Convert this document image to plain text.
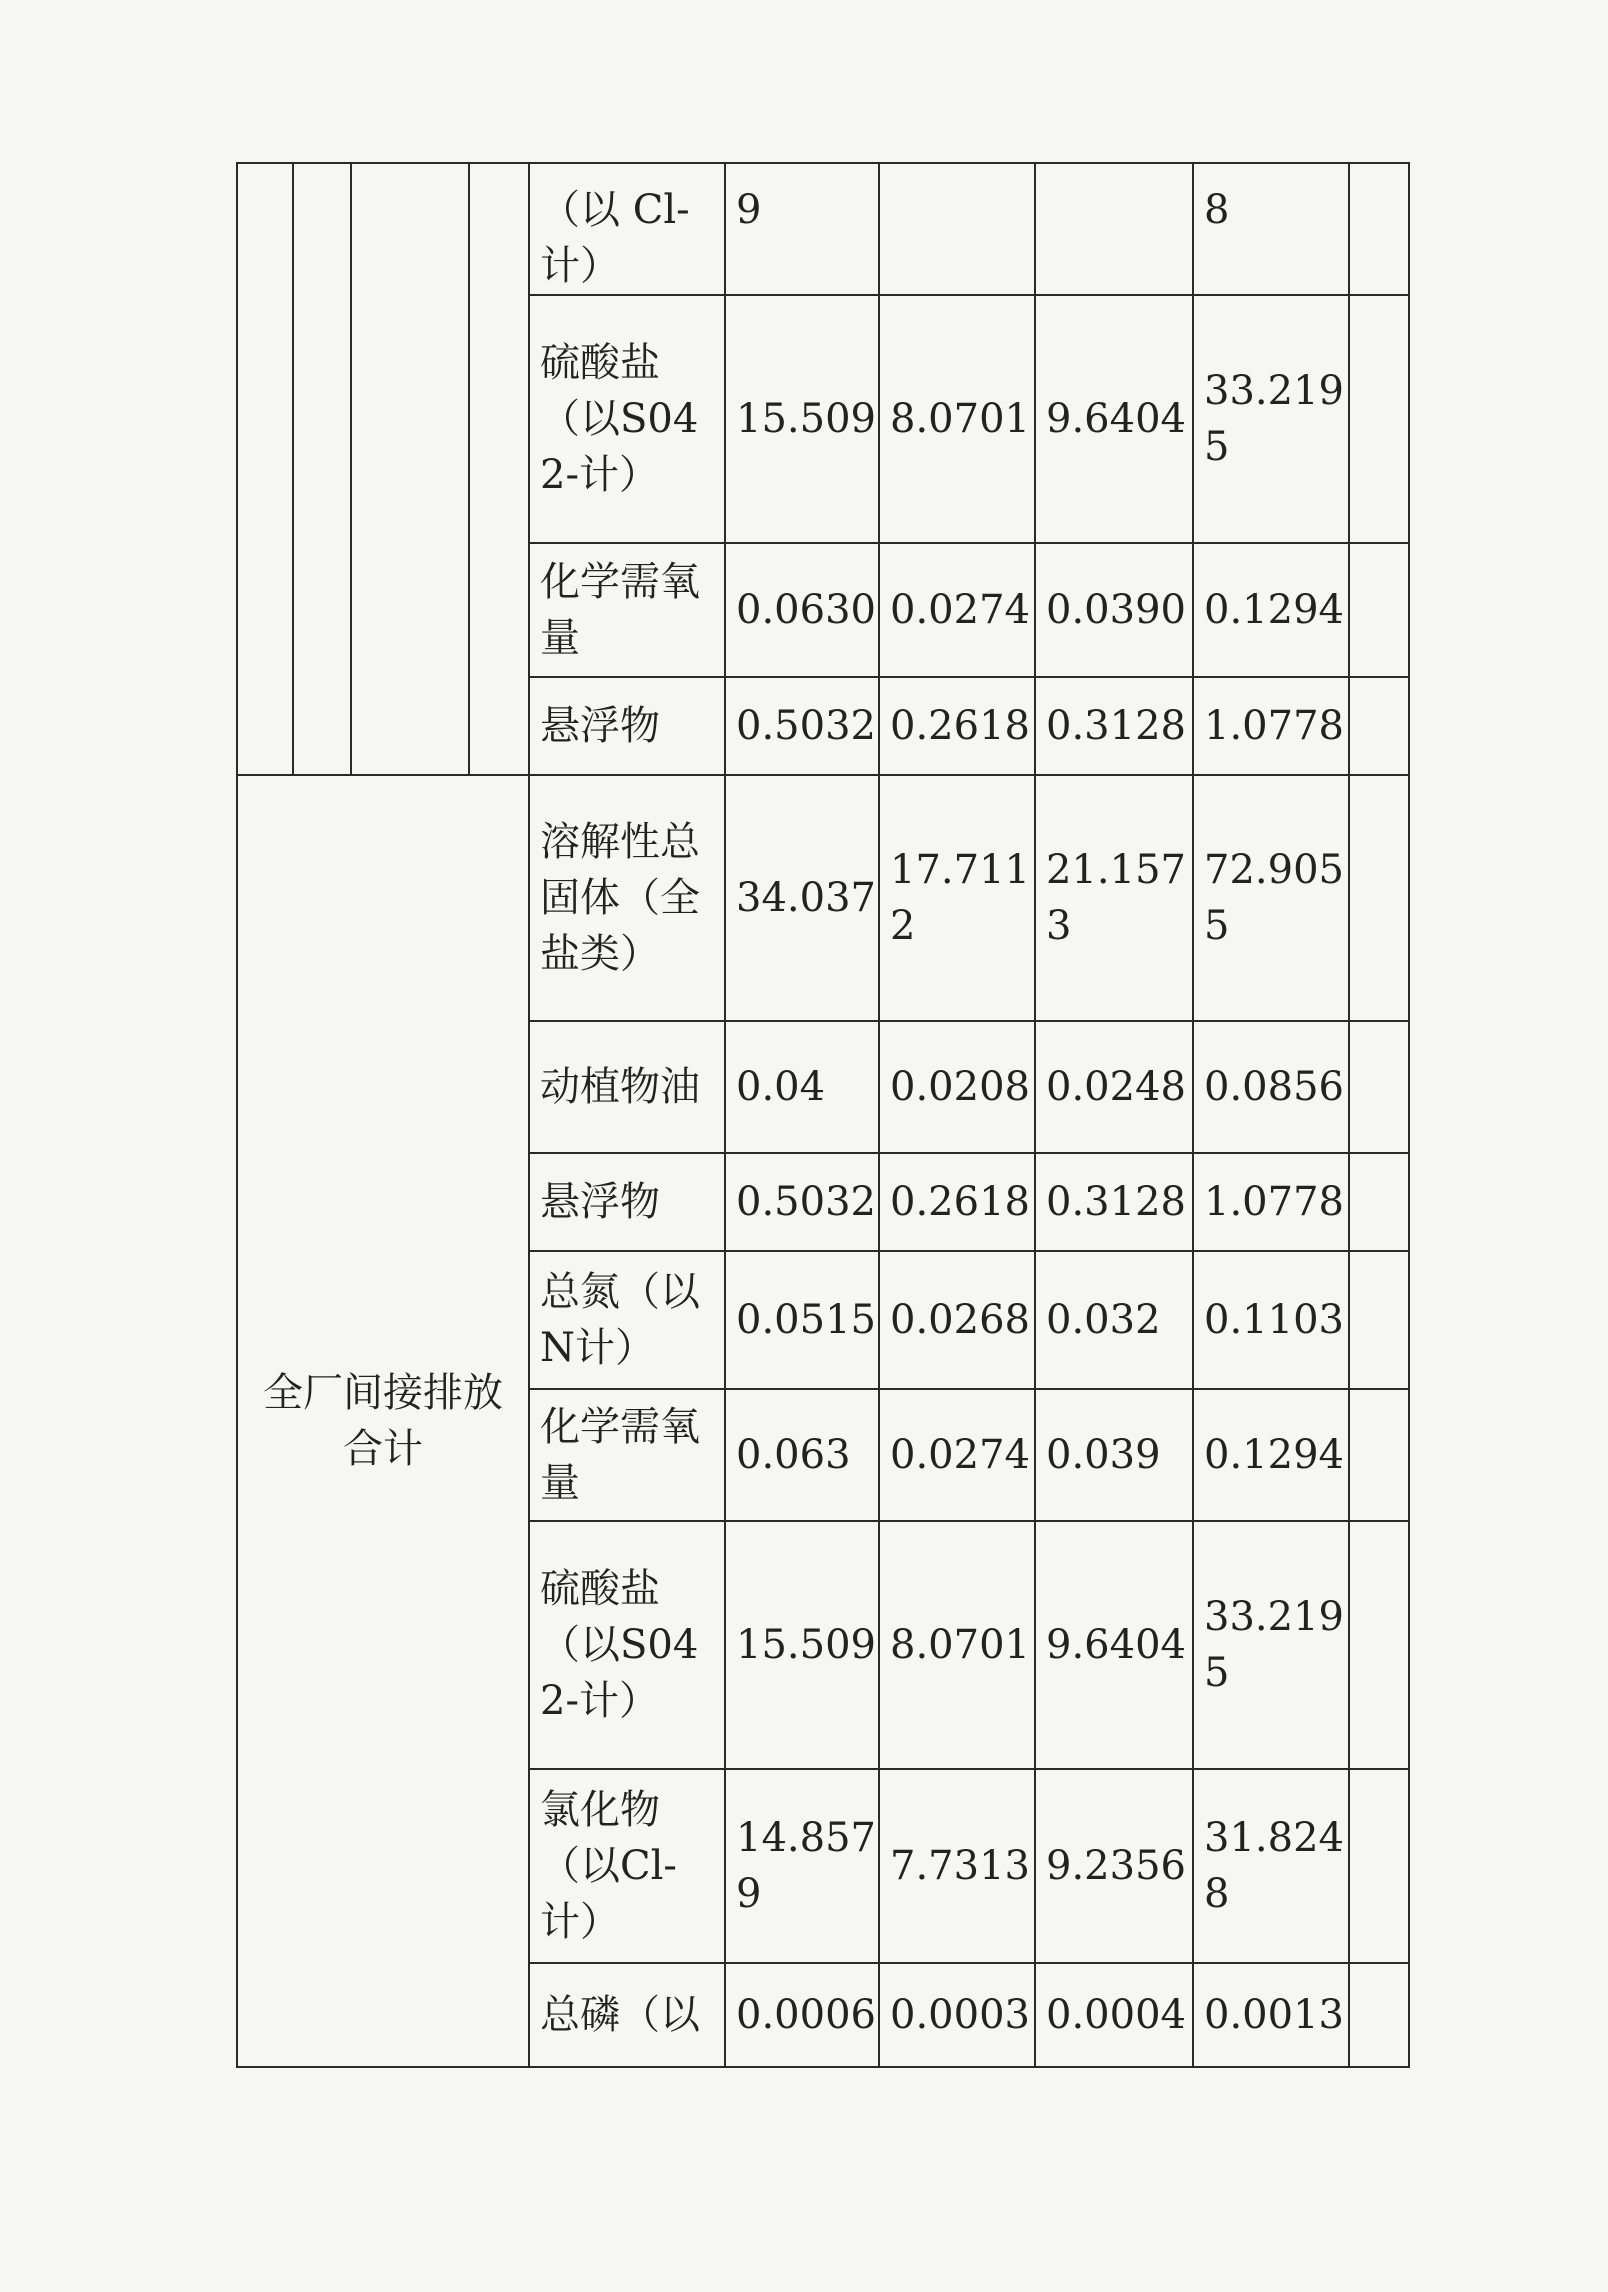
				（以 Cl-计）	9			8	
				硫酸盐（以S042-计）	15.509	8.0701	9.6404	33.2195	
				化学需氧量	0.0630	0.0274	0.0390	0.1294	
				悬浮物	0.5032	0.2618	0.3128	1.0778	
全厂间接排放合计				溶解性总固体（全盐类）	34.037	17.7112	21.1573	72.9055	
				动植物油	0.04	0.0208	0.0248	0.0856	
				悬浮物	0.5032	0.2618	0.3128	1.0778	
				总氮（以N计）	0.0515	0.0268	0.032	0.1103	
				化学需氧量	0.063	0.0274	0.039	0.1294	
				硫酸盐（以S042-计）	15.509	8.0701	9.6404	33.2195	
				氯化物（以Cl-计）	14.8579	7.7313	9.2356	31.8248	
				总磷（以	0.0006	0.0003	0.0004	0.0013	
